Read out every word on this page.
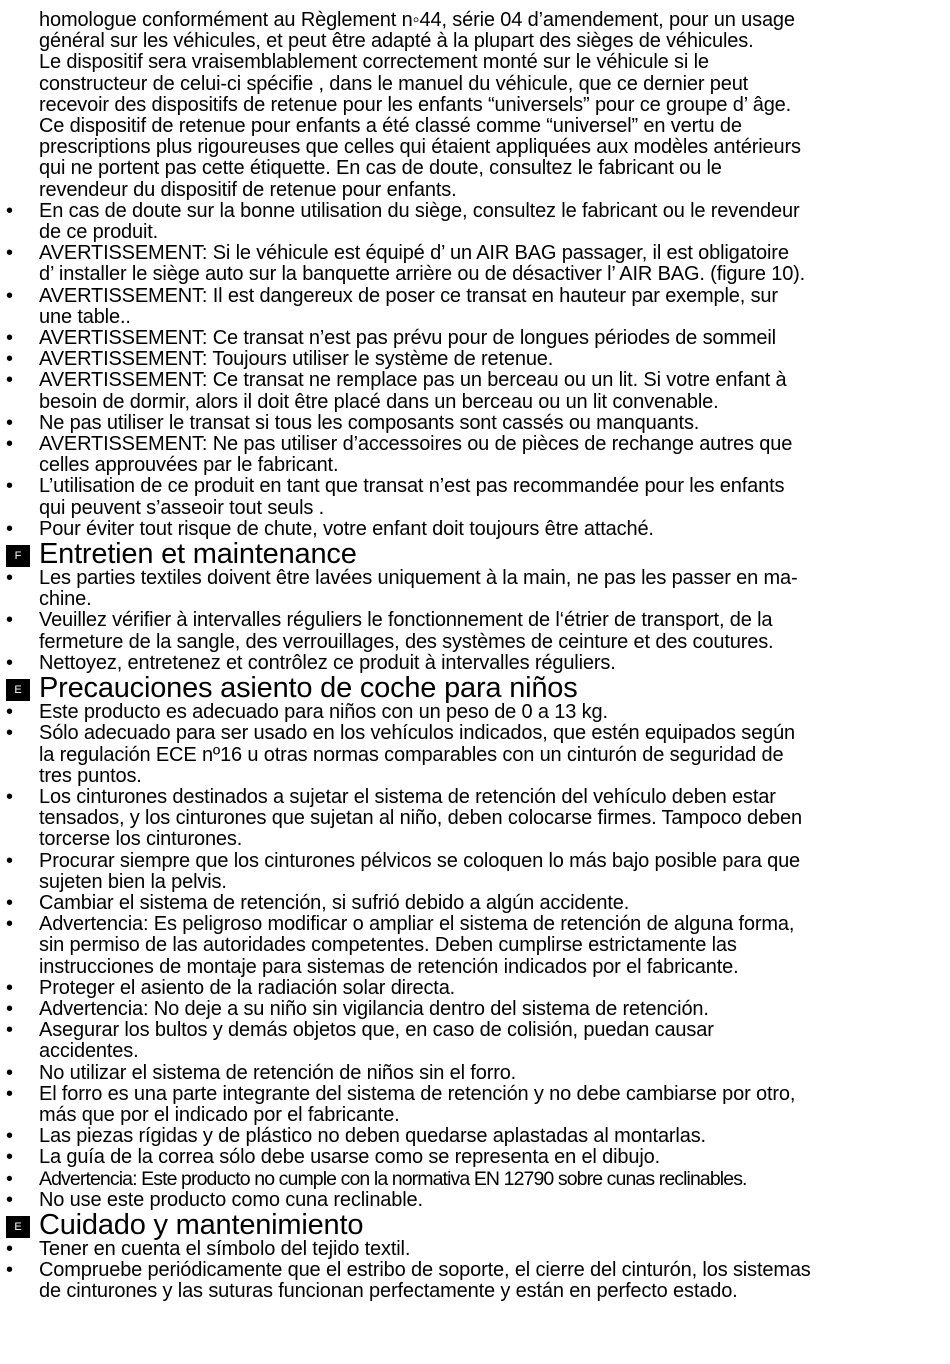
homologue conformément au Règlement n◦44, série 04 d’amendement, pour un usage
général sur les véhicules, et peut être adapté à la plupart des sièges de véhicules.
Le dispositif sera vraisemblablement correctement monté sur le véhicule si le
constructeur de celui-ci spécifie , dans le manuel du véhicule, que ce dernier peut
recevoir des dispositifs de retenue pour les enfants “universels” pour ce groupe d’ âge.
Ce dispositif de retenue pour enfants a été classé comme “universel” en vertu de
prescriptions plus rigoureuses que celles qui étaient appliquées aux modèles antérieurs
qui ne portent pas cette étiquette. En cas de doute, consultez le fabricant ou le
revendeur du dispositif de retenue pour enfants.
•	En cas de doute sur la bonne utilisation du siège, consultez le fabricant ou le revendeur
de ce produit.
•	AVERTISSEMENT: Si le véhicule est équipé d’ un AIR BAG passager, il est obligatoire
d’ installer le siège auto sur la banquette arrière ou de désactiver l’ AIR BAG. (figure 10).
•	AVERTISSEMENT: Il est dangereux de poser ce transat en hauteur par exemple, sur
une table..
•	AVERTISSEMENT: Ce transat n’est pas prévu pour de longues périodes de sommeil
•	AVERTISSEMENT: Toujours utiliser le système de retenue.
•	AVERTISSEMENT: Ce transat ne remplace pas un berceau ou un lit. Si votre enfant à
besoin de dormir, alors il doit être placé dans un berceau ou un lit convenable.
•	Ne pas utiliser le transat si tous les composants sont cassés ou manquants.
•	AVERTISSEMENT: Ne pas utiliser d’accessoires ou de pièces de rechange autres que
celles approuvées par le fabricant.
•	L’utilisation de ce produit en tant que transat n’est pas recommandée pour les enfants
qui peuvent s’asseoir tout seuls .
•	Pour éviter tout risque de chute, votre enfant doit toujours être attaché.
F Entretien et maintenance
•	Les parties textiles doivent être lavées uniquement à la main, ne pas les passer en ma-
chine.
•	Veuillez vérifier à intervalles réguliers le fonctionnement de l‘étrier de transport, de la
fermeture de la sangle, des verrouillages, des systèmes de ceinture et des coutures.
•	Nettoyez, entretenez et contrôlez ce produit à intervalles réguliers.
E Precauciones asiento de coche para niños
•	Este producto es adecuado para niños con un peso de 0 a 13 kg.
•	Sólo adecuado para ser usado en los vehículos indicados, que estén equipados según
la regulación ECE nº16 u otras normas comparables con un cinturón de seguridad de
tres puntos.
•	Los cinturones destinados a sujetar el sistema de retención del vehículo deben estar
tensados, y los cinturones que sujetan al niño, deben colocarse firmes. Tampoco deben
torcerse los cinturones.
•	Procurar siempre que los cinturones pélvicos se coloquen lo más bajo posible para que
sujeten bien la pelvis.
•	Cambiar el sistema de retención, si sufrió debido a algún accidente.
•	Advertencia: Es peligroso modificar o ampliar el sistema de retención de alguna forma,
sin permiso de las autoridades competentes. Deben cumplirse estrictamente las
instrucciones de montaje para sistemas de retención indicados por el fabricante.
•	Proteger el asiento de la radiación solar directa.
•	Advertencia: No deje a su niño sin vigilancia dentro del sistema de retención.
•	Asegurar los bultos y demás objetos que, en caso de colisión, puedan causar
accidentes.
•	No utilizar el sistema de retención de niños sin el forro.
•	El forro es una parte integrante del sistema de retención y no debe cambiarse por otro,
más que por el indicado por el fabricante.
•	Las piezas rígidas y de plástico no deben quedarse aplastadas al montarlas.
•	La guía de la correa sólo debe usarse como se representa en el dibujo.
•	Advertencia: Este producto no cumple con la normativa EN 12790 sobre cunas reclinables.
•	No use este producto como cuna reclinable.
E Cuidado y mantenimiento
•	Tener en cuenta el símbolo del tejido textil.
•	Compruebe periódicamente que el estribo de soporte, el cierre del cinturón, los sistemas
de cinturones y las suturas funcionan perfectamente y están en perfecto estado.
